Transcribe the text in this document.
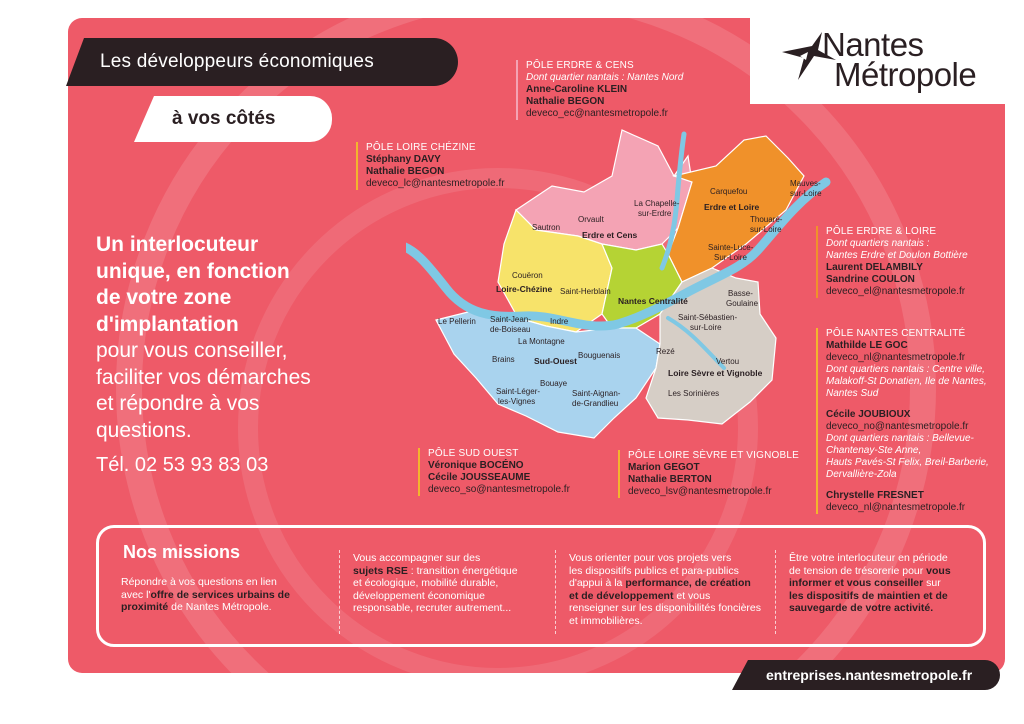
Les développeurs économiques
à vos côtés
Nantes
Métropole
Un interlocuteur
unique, en fonction
de votre zone
d'implantation
pour vous conseiller,
faciliter vos démarches
et répondre à vos
questions.
Tél. 02 53 93 83 03
PÔLE ERDRE & CENS
Dont quartier nantais : Nantes Nord
Anne-Caroline KLEIN
Nathalie BEGON
deveco_ec@nantesmetropole.fr
PÔLE LOIRE CHÉZINE
Stéphany DAVY
Nathalie BEGON
deveco_lc@nantesmetropole.fr
PÔLE ERDRE & LOIRE
Dont quartiers nantais :
Nantes Erdre et Doulon Bottière
Laurent DELAMBILY
Sandrine COULON
deveco_el@nantesmetropole.fr
PÔLE NANTES CENTRALITÉ
Mathilde LE GOC
deveco_nl@nantesmetropole.fr
Dont quartiers nantais : Centre ville,
Malakoff-St Donatien, Ile de Nantes,
Nantes Sud
Cécile JOUBIOUX
deveco_no@nantesmetropole.fr
Dont quartiers nantais : Bellevue-
Chantenay-Ste Anne,
Hauts Pavés-St Felix, Breil-Barberie,
Dervallière-Zola
Chrystelle FRESNET
deveco_nl@nantesmetropole.fr
PÔLE SUD OUEST
Véronique BOCÉNO
Cécile JOUSSEAUME
deveco_so@nantesmetropole.fr
PÔLE LOIRE SÈVRE ET VIGNOBLE
Marion GEGOT
Nathalie BERTON
deveco_lsv@nantesmetropole.fr
Sautron
Orvault
La Chapelle-
sur-Erdre
Carquefou
Mauves-
sur-Loire
Thouaré-
sur-Loire
Sainte-Luce-
Sur-Loire
Couëron
Saint-Herblain
Le Pellerin Saint-Jean-
de-Boiseau
Indre
La Montagne
Basse-
Goulaine
Saint-Sébastien-
sur-Loire
Brains	Bouguenais	Rezé
Vertou
Saint-Léger-
les-Vignes
Bouaye
Saint-Aignan-
de-Grandlieu
Les Sorinières
Erdre et Cens
Erdre et Loire
Loire-Chézine
Nantes Centralité
Sud-Ouest
Loire Sèvre et Vignoble
Nos missions
Répondre à vos questions en lien
avec l'offre de services urbains de
proximité de Nantes Métropole.
Vous accompagner sur des
sujets RSE : transition énergétique
et écologique, mobilité durable,
développement économique
responsable, recruter autrement...
Vous orienter pour vos projets vers
les dispositifs publics et para-publics
d'appui à la performance, de création
et de développement et vous
renseigner sur les disponibilités foncières
et immobilières.
Être votre interlocuteur en période
de tension de trésorerie pour vous
informer et vous conseiller sur
les dispositifs de maintien et de
sauvegarde de votre activité.
entreprises.nantesmetropole.fr
